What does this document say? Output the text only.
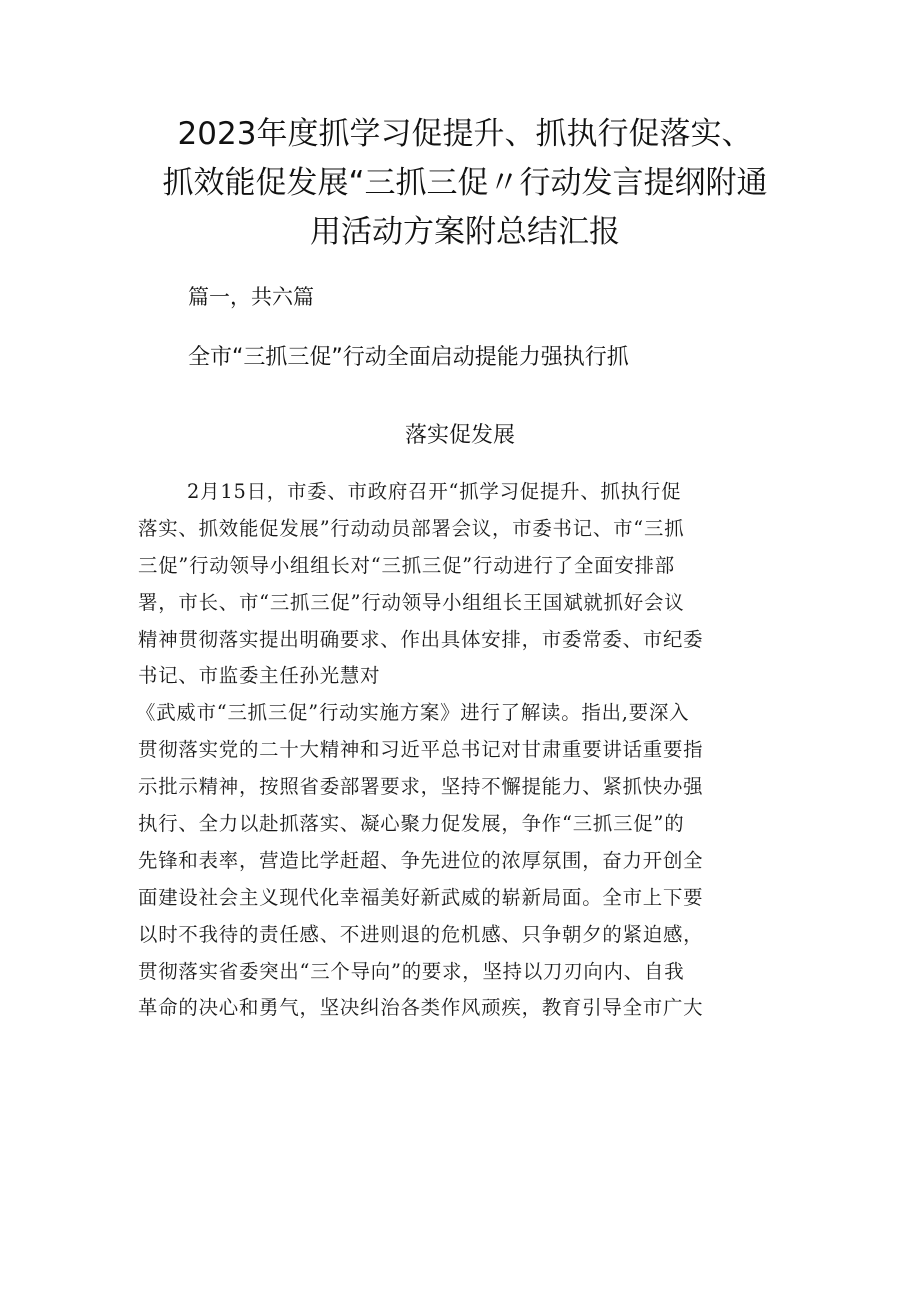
2023年度抓学习促提升、抓执行促落实、
抓效能促发展“三抓三促〃行动发言提纲附通
用活动方案附总结汇报

篇一，共六篇

全市“三抓三促”行动全面启动提能力强执行抓
落实促发展
2月15日，市委、市政府召开“抓学习促提升、抓执行促
落实、抓效能促发展”行动动员部署会议，市委书记、市“三抓
三促”行动领导小组组长对“三抓三促”行动进行了全面安排部
署，市长、市“三抓三促”行动领导小组组长王国斌就抓好会议
精神贯彻落实提出明确要求、作出具体安排，市委常委、市纪委
书记、市监委主任孙光慧对
《武威市“三抓三促”行动实施方案》进行了解读。指出,要深入
贯彻落实党的二十大精神和习近平总书记对甘肃重要讲话重要指
示批示精神，按照省委部署要求，坚持不懈提能力、紧抓快办强
执行、全力以赴抓落实、凝心聚力促发展，争作“三抓三促”的
先锋和表率，营造比学赶超、争先进位的浓厚氛围，奋力开创全
面建设社会主义现代化幸福美好新武威的崭新局面。全市上下要
以时不我待的责任感、不进则退的危机感、只争朝夕的紧迫感，
贯彻落实省委突出“三个导向”的要求，坚持以刀刃向内、自我
革命的决心和勇气，坚决纠治各类作风顽疾，教育引导全市广大
